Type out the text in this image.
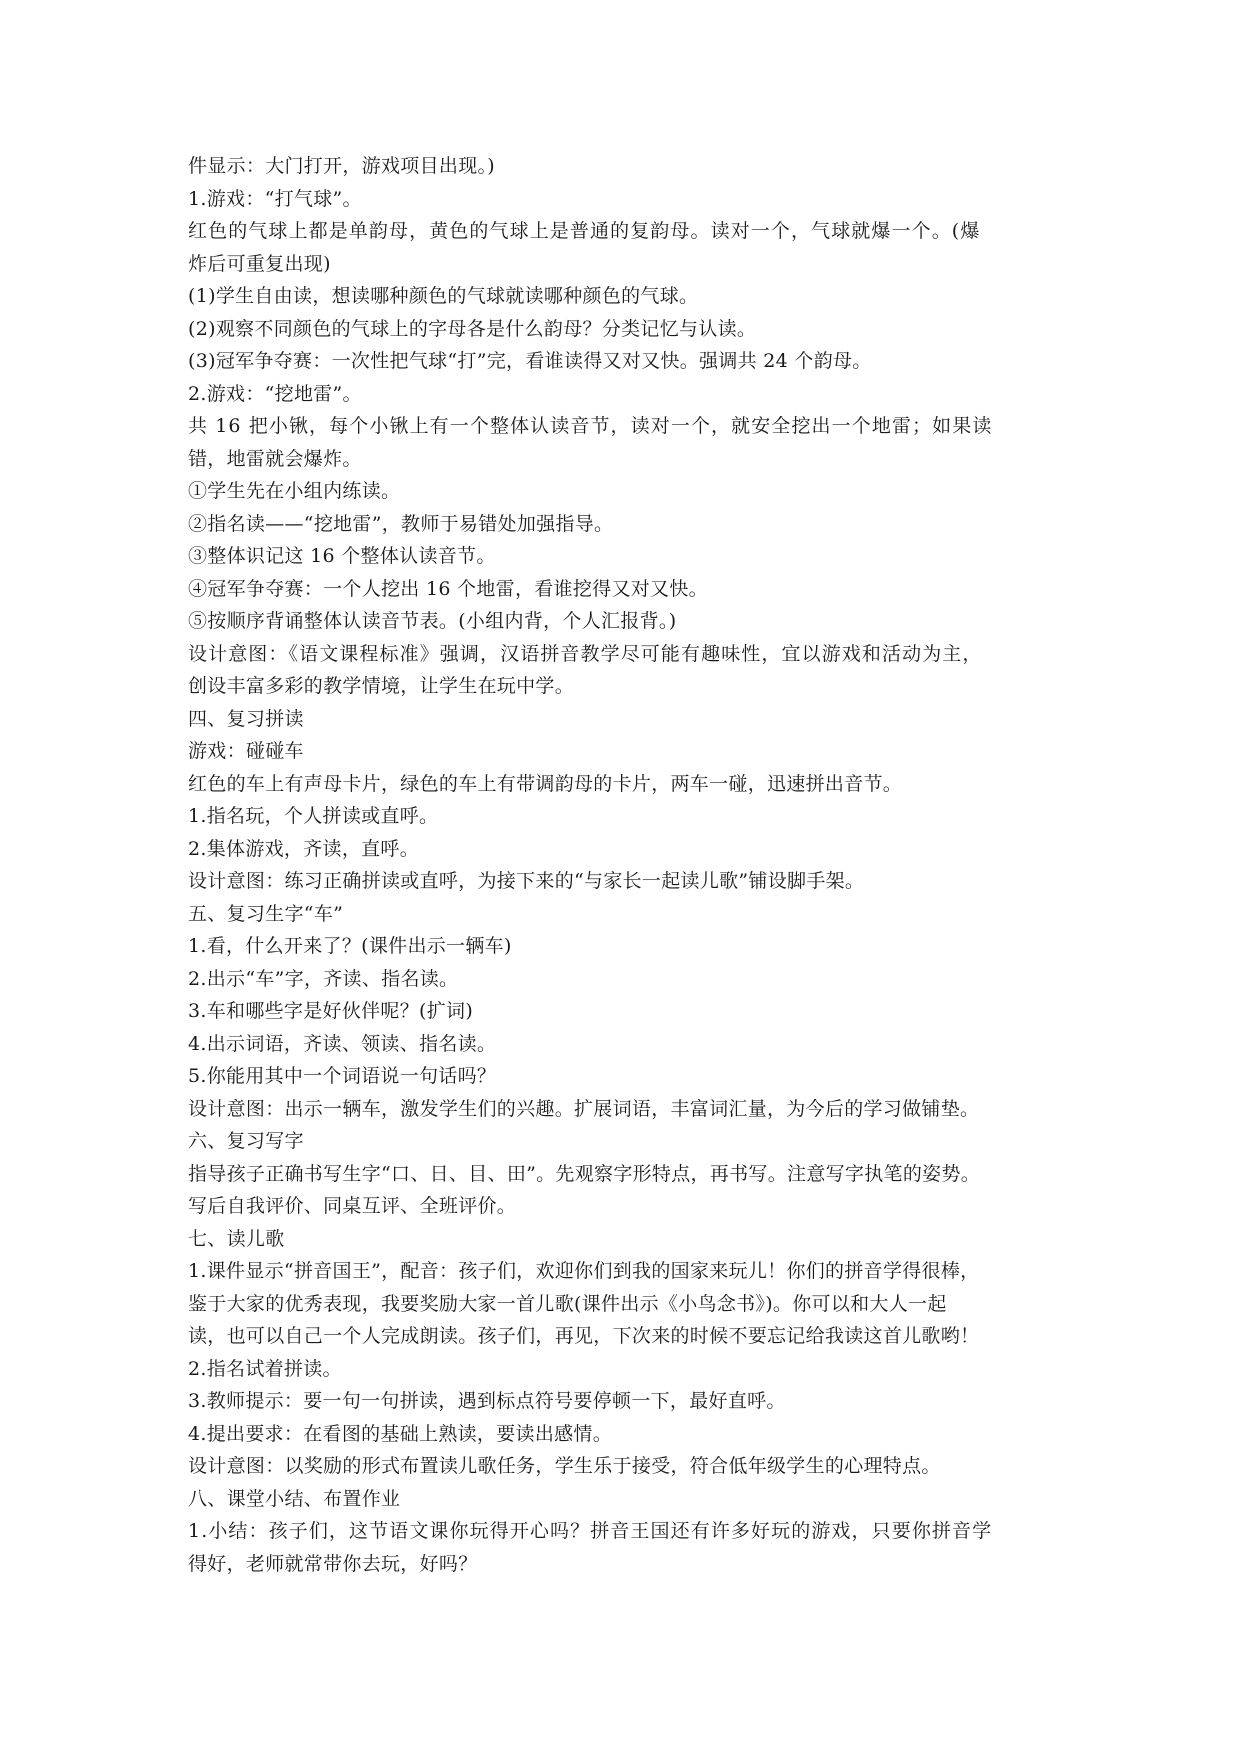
件显示：大门打开，游戏项目出现。)
1.游戏：“打气球”。
红色的气球上都是单韵母，黄色的气球上是普通的复韵母。读对一个，气球就爆一个。(爆
炸后可重复出现)
(1)学生自由读，想读哪种颜色的气球就读哪种颜色的气球。
(2)观察不同颜色的气球上的字母各是什么韵母？分类记忆与认读。
(3)冠军争夺赛：一次性把气球“打”完，看谁读得又对又快。强调共 24 个韵母。
2.游戏：“挖地雷”。
共 16 把小锹，每个小锹上有一个整体认读音节，读对一个，就安全挖出一个地雷；如果读
错，地雷就会爆炸。
①学生先在小组内练读。
②指名读——“挖地雷”，教师于易错处加强指导。
③整体识记这 16 个整体认读音节。
④冠军争夺赛：一个人挖出 16 个地雷，看谁挖得又对又快。
⑤按顺序背诵整体认读音节表。(小组内背，个人汇报背。)
设计意图：《语文课程标准》强调，汉语拼音教学尽可能有趣味性，宜以游戏和活动为主，
创设丰富多彩的教学情境，让学生在玩中学。
四、复习拼读
游戏：碰碰车
红色的车上有声母卡片，绿色的车上有带调韵母的卡片，两车一碰，迅速拼出音节。
1.指名玩，个人拼读或直呼。
2.集体游戏，齐读，直呼。
设计意图：练习正确拼读或直呼，为接下来的“与家长一起读儿歌”铺设脚手架。
五、复习生字“车”
1.看，什么开来了？(课件出示一辆车)
2.出示“车”字，齐读、指名读。
3.车和哪些字是好伙伴呢？(扩词)
4.出示词语，齐读、领读、指名读。
5.你能用其中一个词语说一句话吗？
设计意图：出示一辆车，激发学生们的兴趣。扩展词语，丰富词汇量，为今后的学习做铺垫。
六、复习写字
指导孩子正确书写生字“口、日、目、田”。先观察字形特点，再书写。注意写字执笔的姿势。
写后自我评价、同桌互评、全班评价。
七、读儿歌
1.课件显示“拼音国王”，配音：孩子们，欢迎你们到我的国家来玩儿！你们的拼音学得很棒，
鉴于大家的优秀表现，我要奖励大家一首儿歌(课件出示《小鸟念书》)。你可以和大人一起
读，也可以自己一个人完成朗读。孩子们，再见，下次来的时候不要忘记给我读这首儿歌哟！
2.指名试着拼读。
3.教师提示：要一句一句拼读，遇到标点符号要停顿一下，最好直呼。
4.提出要求：在看图的基础上熟读，要读出感情。
设计意图：以奖励的形式布置读儿歌任务，学生乐于接受，符合低年级学生的心理特点。
八、课堂小结、布置作业
1.小结：孩子们，这节语文课你玩得开心吗？拼音王国还有许多好玩的游戏，只要你拼音学
得好，老师就常带你去玩，好吗？
